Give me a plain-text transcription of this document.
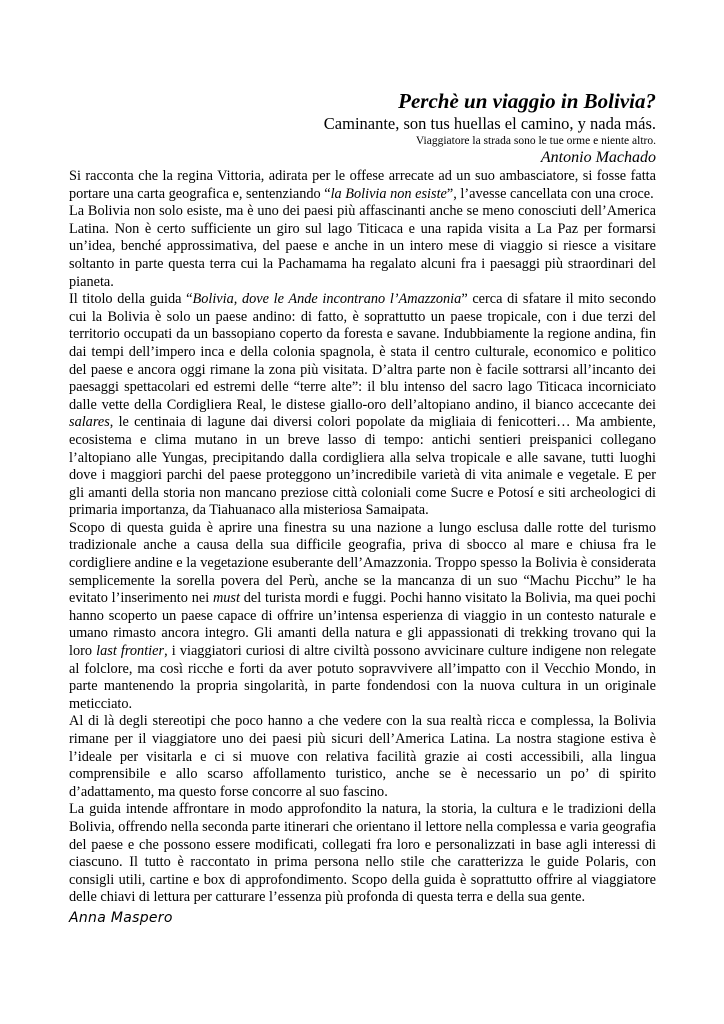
Perchè un viaggio in Bolivia?

Caminante, son tus huellas el camino, y nada más.

Viaggiatore la strada sono le tue orme e niente altro.

Antonio Machado

Si racconta che la regina Vittoria, adirata per le offese arrecate ad un suo ambasciatore, si fosse fatta portare una carta geografica e, sentenziando “la Bolivia non esiste”, l’avesse cancellata con una croce.

La Bolivia non solo esiste, ma è uno dei paesi più affascinanti anche se meno conosciuti dell’America Latina. Non è certo sufficiente un giro sul lago Titicaca e una rapida visita a La Paz per formarsi un’idea, benché approssimativa, del paese e anche in un intero mese di viaggio si riesce a visitare soltanto in parte questa terra cui la Pachamama ha regalato alcuni fra i paesaggi più straordinari del pianeta.

Il titolo della guida “Bolivia, dove le Ande incontrano l’Amazzonia” cerca di sfatare il mito secondo cui la Bolivia è solo un paese andino: di fatto, è soprattutto un paese tropicale, con i due terzi del territorio occupati da un bassopiano coperto da foresta e savane. Indubbiamente la regione andina, fin dai tempi dell’impero inca e della colonia spagnola, è stata il centro culturale, economico e politico del paese e ancora oggi rimane la zona più visitata. D’altra parte non è facile sottrarsi all’incanto dei paesaggi spettacolari ed estremi delle “terre alte”: il blu intenso del sacro lago Titicaca incorniciato dalle vette della Cordigliera Real, le distese giallo-oro dell’altopiano andino, il bianco accecante dei salares, le centinaia di lagune dai diversi colori popolate da migliaia di fenicotteri… Ma ambiente, ecosistema e clima mutano in un breve lasso di tempo: antichi sentieri preispanici collegano l’altopiano alle Yungas, precipitando dalla cordigliera alla selva tropicale e alle savane, tutti luoghi dove i maggiori parchi del paese proteggono un’incredibile varietà di vita animale e vegetale. E per gli amanti della storia non mancano preziose città coloniali come Sucre e Potosí e siti archeologici di primaria importanza, da Tiahuanaco alla misteriosa Samaipata.

Scopo di questa guida è aprire una finestra su una nazione a lungo esclusa dalle rotte del turismo tradizionale anche a causa della sua difficile geografia, priva di sbocco al mare e chiusa fra le cordigliere andine e la vegetazione esuberante dell’Amazzonia. Troppo spesso la Bolivia è considerata semplicemente la sorella povera del Perù, anche se la mancanza di un suo “Machu Picchu” le ha evitato l’inserimento nei must del turista mordi e fuggi. Pochi hanno visitato la Bolivia, ma quei pochi hanno scoperto un paese capace di offrire un’intensa esperienza di viaggio in un contesto naturale e umano rimasto ancora integro. Gli amanti della natura e gli appassionati di trekking trovano qui la loro last frontier, i viaggiatori curiosi di altre civiltà possono avvicinare culture indigene non relegate al folclore, ma così ricche e forti da aver potuto sopravvivere all’impatto con il Vecchio Mondo, in parte mantenendo la propria singolarità, in parte fondendosi con la nuova cultura in un originale meticciato.

Al di là degli stereotipi che poco hanno a che vedere con la sua realtà ricca e complessa, la Bolivia rimane per il viaggiatore uno dei paesi più sicuri dell’America Latina. La nostra stagione estiva è l’ideale per visitarla e ci si muove con relativa facilità grazie ai costi accessibili, alla lingua comprensibile e allo scarso affollamento turistico, anche se è necessario un po’ di spirito d’adattamento, ma questo forse concorre al suo fascino.

La guida intende affrontare in modo approfondito la natura, la storia, la cultura e le tradizioni della Bolivia, offrendo nella seconda parte itinerari che orientano il lettore nella complessa e varia geografia del paese e che possono essere modificati, collegati fra loro e personalizzati in base agli interessi di ciascuno. Il tutto è raccontato in prima persona nello stile che caratterizza le guide Polaris, con consigli utili, cartine e box di approfondimento. Scopo della guida è soprattutto offrire al viaggiatore delle chiavi di lettura per catturare l’essenza più profonda di questa terra e della sua gente.

Anna Maspero
